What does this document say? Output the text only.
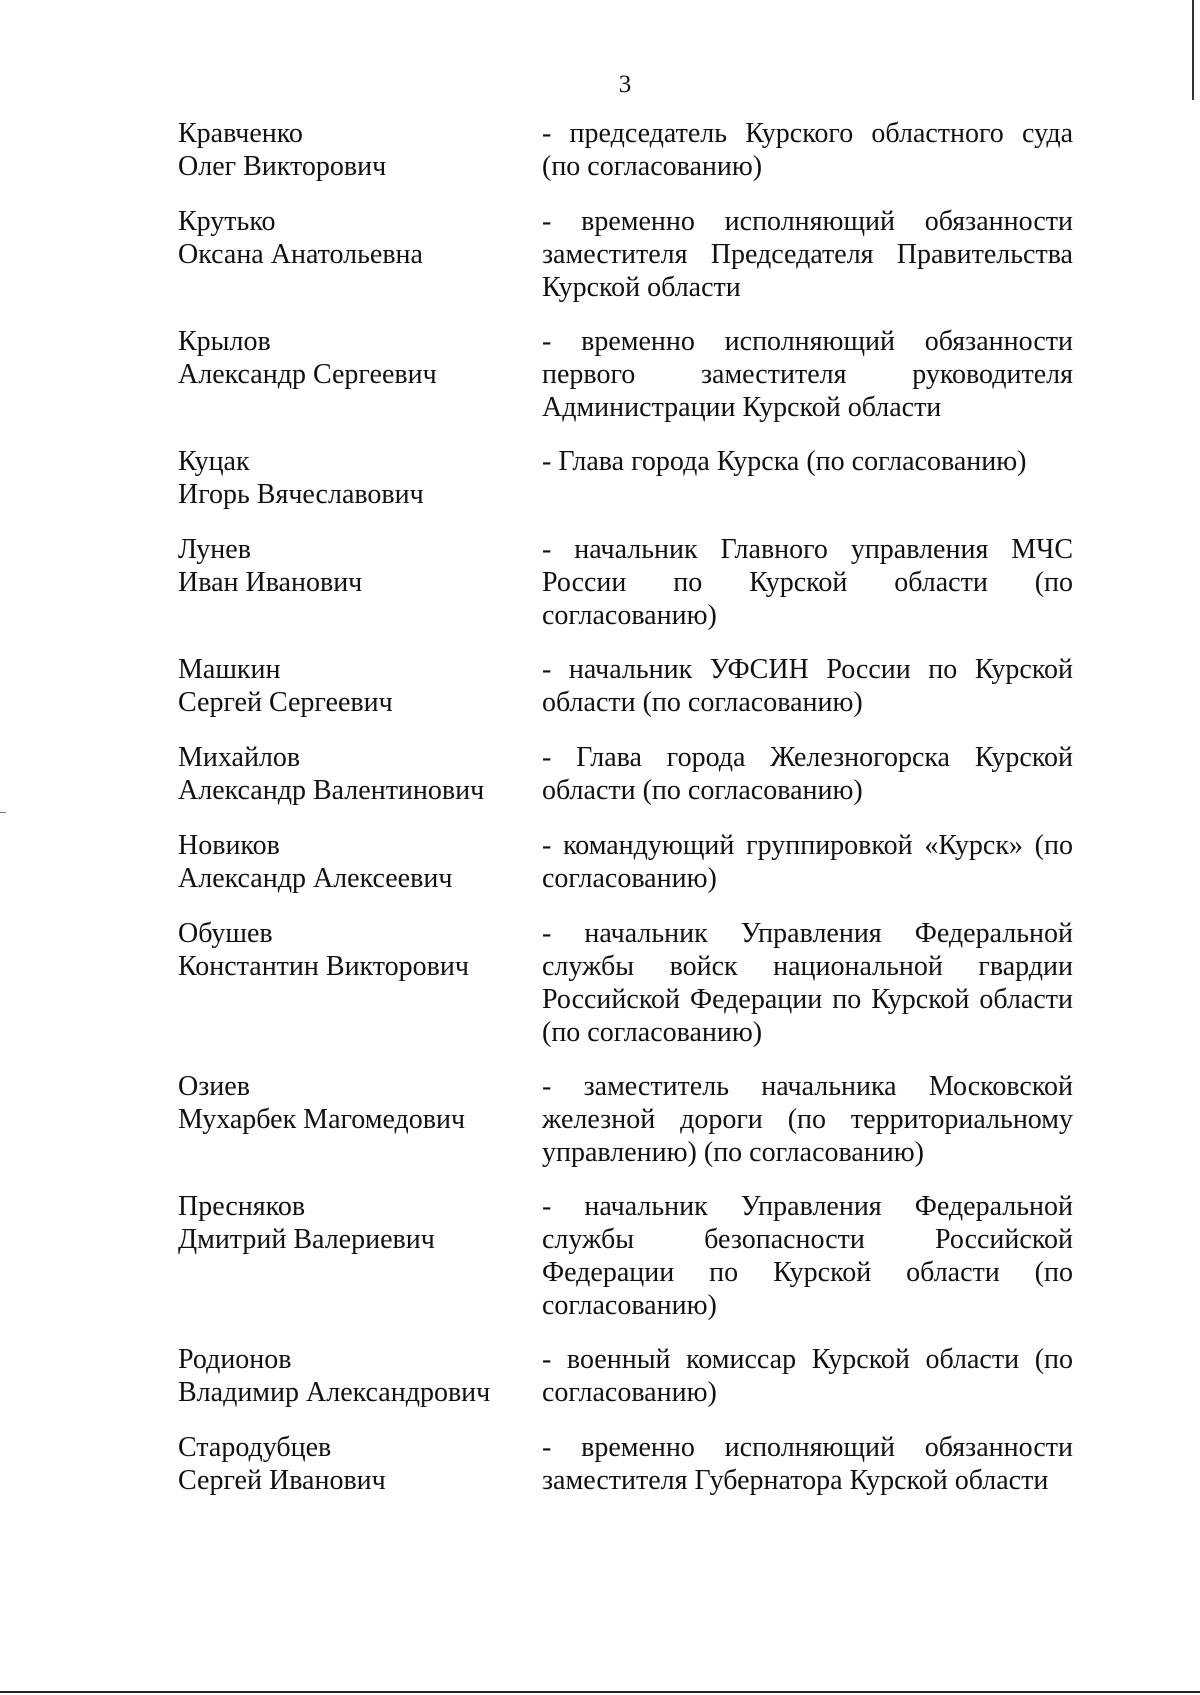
3
Кравченко
Олег Викторович
- председатель Курского областного суда (по согласованию)
Крутько
Оксана Анатольевна
- временно исполняющий обязанности заместителя Председателя Правительства Курской области
Крылов
Александр Сергеевич
- временно исполняющий обязанности первого заместителя руководителя Администрации Курской области
Куцак
Игорь Вячеславович
- Глава города Курска (по согласованию)
Лунев
Иван Иванович
- начальник Главного управления МЧС России по Курской области (по согласованию)
Машкин
Сергей Сергеевич
- начальник УФСИН России по Курской области (по согласованию)
Михайлов
Александр Валентинович
- Глава города Железногорска Курской области (по согласованию)
Новиков
Александр Алексеевич
- командующий группировкой «Курск» (по согласованию)
Обушев
Константин Викторович
- начальник Управления Федеральной службы войск национальной гвардии Российской Федерации по Курской области (по согласованию)
Озиев
Мухарбек Магомедович
- заместитель начальника Московской железной дороги (по территориальному управлению) (по согласованию)
Пресняков
Дмитрий Валериевич
- начальник Управления Федеральной службы безопасности Российской Федерации по Курской области (по согласованию)
Родионов
Владимир Александрович
- военный комиссар Курской области (по согласованию)
Стародубцев
Сергей Иванович
- временно исполняющий обязанности заместителя Губернатора Курской области
